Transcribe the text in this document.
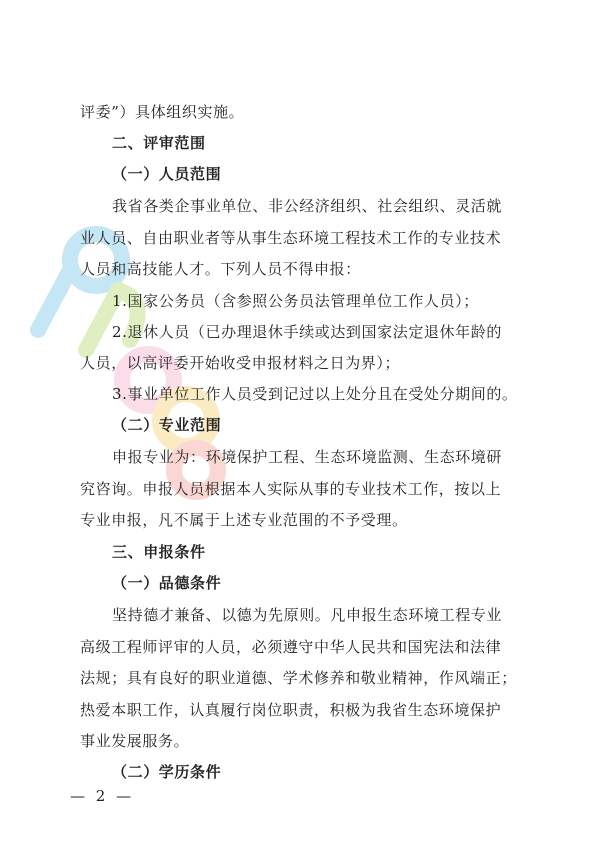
评委”）具体组织实施。
二、评审范围
（一）人员范围
我省各类企事业单位、非公经济组织、社会组织、灵活就
业人员、自由职业者等从事生态环境工程技术工作的专业技术
人员和高技能人才。下列人员不得申报：
1.国家公务员（含参照公务员法管理单位工作人员）；
2.退休人员（已办理退休手续或达到国家法定退休年龄的
人员，以高评委开始收受申报材料之日为界）；
3.事业单位工作人员受到记过以上处分且在受处分期间的。
（二）专业范围
申报专业为：环境保护工程、生态环境监测、生态环境研
究咨询。申报人员根据本人实际从事的专业技术工作，按以上
专业申报，凡不属于上述专业范围的不予受理。
三、申报条件
（一）品德条件
坚持德才兼备、以德为先原则。凡申报生态环境工程专业
高级工程师评审的人员，必须遵守中华人民共和国宪法和法律
法规；具有良好的职业道德、学术修养和敬业精神，作风端正；
热爱本职工作，认真履行岗位职责，积极为我省生态环境保护
事业发展服务。
（二）学历条件
— 2 —
